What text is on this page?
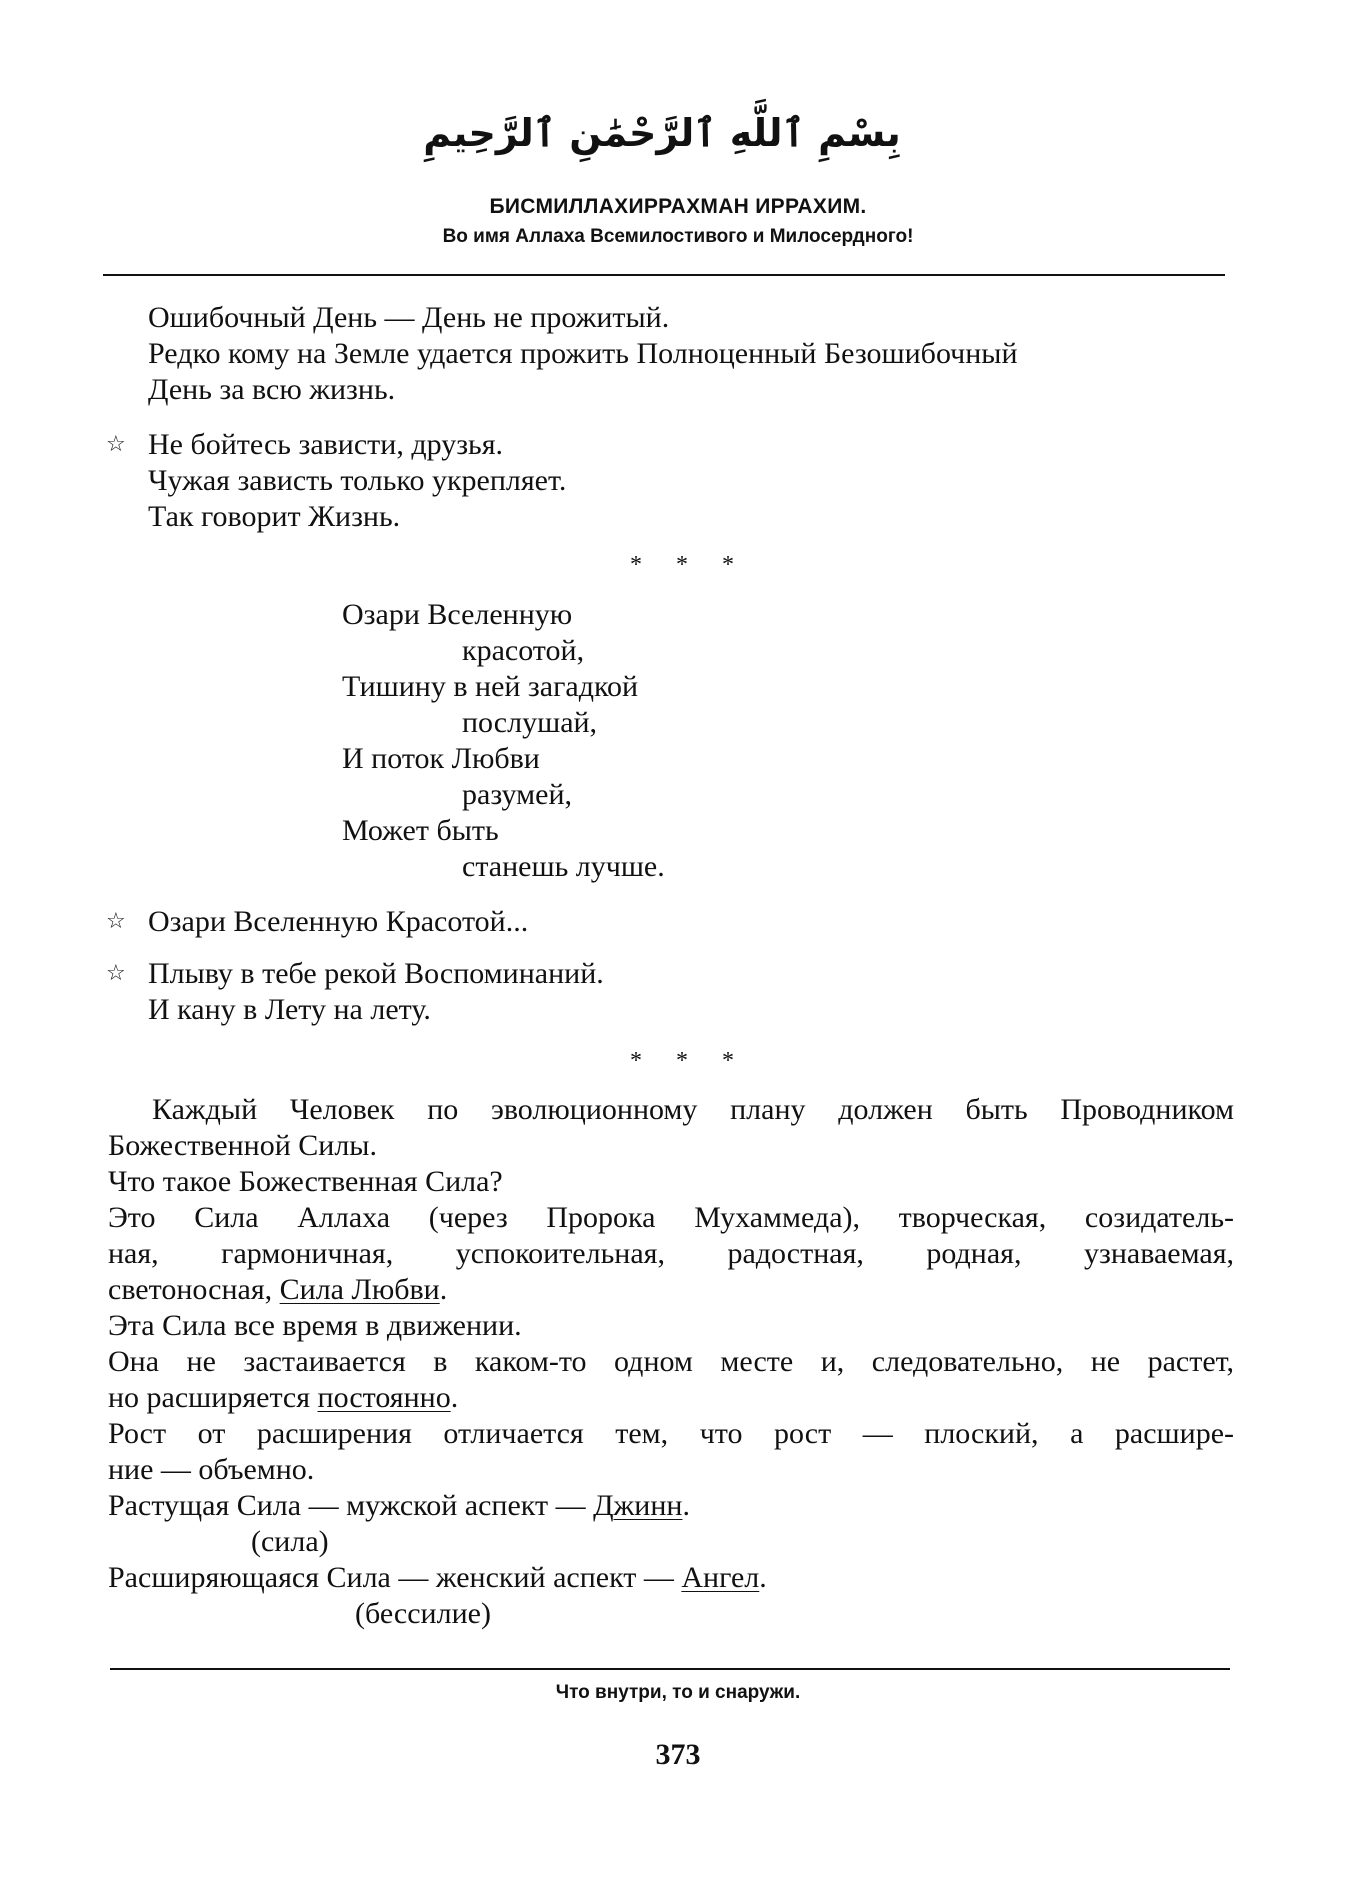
بِسْمِ ٱللَّهِ ٱلرَّحْمَٰنِ ٱلرَّحِيمِ
БИСМИЛЛАХИРРАХМАН ИРРАХИМ.
Во имя Аллаха Всемилостивого и Милосердного!
Ошибочный День — День не прожитый.
Редко кому на Земле удается прожить Полноценный Безошибочный
День за всю жизнь.
☆ Не бойтесь зависти, друзья.
Чужая зависть только укрепляет.
Так говорит Жизнь.
* * *
Озари Вселенную
красотой,
Тишину в ней загадкой
послушай,
И поток Любви
разумей,
Может быть
станешь лучше.
☆ Озари Вселенную Красотой...
☆ Плыву в тебе рекой Воспоминаний.
И кану в Лету на лету.
* * *
Каждый Человек по эволюционному плану должен быть Проводником
Божественной Силы.
Что такое Божественная Сила?
Это Сила Аллаха (через Пророка Мухаммеда), творческая, созидатель-
ная, гармоничная, успокоительная, радостная, родная, узнаваемая,
светоносная, Сила Любви.
Эта Сила все время в движении.
Она не застаивается в каком-то одном месте и, следовательно, не растет,
но расширяется постоянно.
Рост от расширения отличается тем, что рост — плоский, а расшире-
ние — объемно.
Растущая Сила — мужской аспект — Джинн.
(сила)
Расширяющаяся Сила — женский аспект — Ангел.
(бессилие)
Что внутри, то и снаружи.
373
